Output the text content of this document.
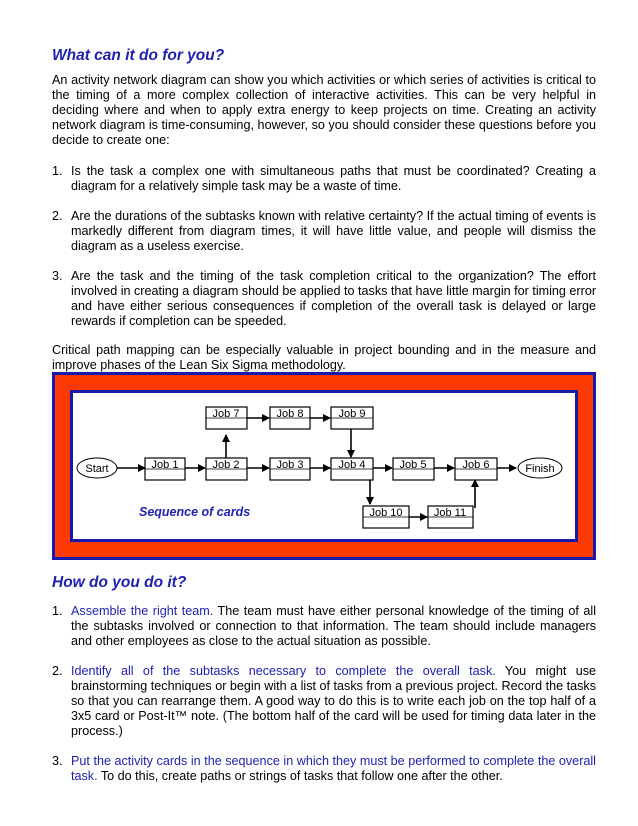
What can it do for you?

An activity network diagram can show you which activities or which series of activities is critical to the timing of a more complex collection of interactive activities. This can be very helpful in deciding where and when to apply extra energy to keep projects on time. Creating an activity network diagram is time-consuming, however, so you should consider these questions before you decide to create one:

1. Is the task a complex one with simultaneous paths that must be coordinated? Creating a diagram for a relatively simple task may be a waste of time.
2. Are the durations of the subtasks known with relative certainty? If the actual timing of events is markedly different from diagram times, it will have little value, and people will dismiss the diagram as a useless exercise.
3. Are the task and the timing of the task completion critical to the organization? The effort involved in creating a diagram should be applied to tasks that have little margin for timing error and have either serious consequences if completion of the overall task is delayed or large rewards if completion can be speeded.

Critical path mapping can be especially valuable in project bounding and in the measure and improve phases of the Lean Six Sigma methodology.

Start	Finish
Job 1	Job 2	Job 3	Job 4	Job 5	Job 6
Job 7	Job 8	Job 9
Job 10	Job 11
Sequence of cards
How do you do it?
1. Assemble the right team. The team must have either personal knowledge of the timing of all the subtasks involved or connection to that information. The team should include managers and other employees as close to the actual situation as possible.
2. Identify all of the subtasks necessary to complete the overall task. You might use brainstorming techniques or begin with a list of tasks from a previous project. Record the tasks so that you can rearrange them. A good way to do this is to write each job on the top half of a 3x5 card or Post-It™ note. (The bottom half of the card will be used for timing data later in the process.)
3. Put the activity cards in the sequence in which they must be performed to complete the overall task. To do this, create paths or strings of tasks that follow one after the other.
